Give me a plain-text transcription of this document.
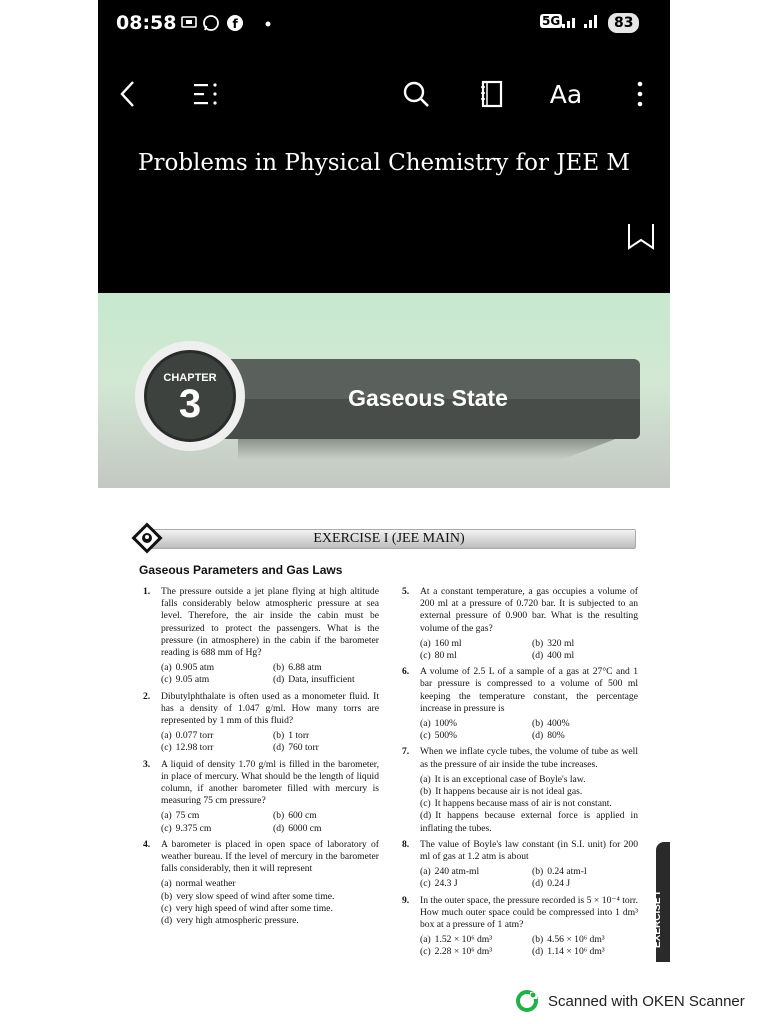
08:58	f	5G	83
Aa
Problems in Physical Chemistry for JEE M
Gaseous State
CHAPTER
3
EXERCISE I (JEE MAIN)
Gaseous Parameters and Gas Laws
1. The pressure outside a jet plane flying at high altitude falls considerably below atmospheric pressure at sea level. Therefore, the air inside the cabin must be pressurized to protect the passengers. What is the pressure (in atmosphere) in the cabin if the barometer reading is 688 mm of Hg?
(a) 0.905 atm	(b) 6.88 atm
(c) 9.05 atm	(d) Data, insufficient
2. Dibutylphthalate is often used as a monometer fluid. It has a density of 1.047 g/ml. How many torrs are represented by 1 mm of this fluid?
(a) 0.077 torr	(b) 1 torr
(c) 12.98 torr	(d) 760 torr
3. A liquid of density 1.70 g/ml is filled in the barometer, in place of mercury. What should be the length of liquid column, if another barometer filled with mercury is measuring 75 cm pressure?
(a) 75 cm	(b) 600 cm
(c) 9.375 cm	(d) 6000 cm
4. A barometer is placed in open space of laboratory of weather bureau. If the level of mercury in the barometer falls considerably, then it will represent
(a) normal weather
(b) very slow speed of wind after some time.
(c) very high speed of wind after some time.
(d) very high atmospheric pressure.
5. At a constant temperature, a gas occupies a volume of 200 ml at a pressure of 0.720 bar. It is subjected to an external pressure of 0.900 bar. What is the resulting volume of the gas?
(a) 160 ml	(b) 320 ml
(c) 80 ml	(d) 400 ml
6. A volume of 2.5 L of a sample of a gas at 27°C and 1 bar pressure is compressed to a volume of 500 ml keeping the temperature constant, the percentage increase in pressure is
(a) 100%	(b) 400%
(c) 500%	(d) 80%
7. When we inflate cycle tubes, the volume of tube as well as the pressure of air inside the tube increases.
(a) It is an exceptional case of Boyle's law.
(b) It happens because air is not ideal gas.
(c) It happens because mass of air is not constant.
(d) It happens because external force is applied in inflating the tubes.
8. The value of Boyle's law constant (in S.I. unit) for 200 ml of gas at 1.2 atm is about
(a) 240 atm-ml	(b) 0.24 atm-l
(c) 24.3 J	(d) 0.24 J
9. In the outer space, the pressure recorded is 5 × 10⁻⁴ torr. How much outer space could be compressed into 1 dm³ box at a pressure of 1 atm?
(a) 1.52 × 10⁶ dm³	(b) 4.56 × 10⁶ dm³
(c) 2.28 × 10⁶ dm³	(d) 1.14 × 10⁶ dm³
EXERCISE I
Scanned with OKEN Scanner
